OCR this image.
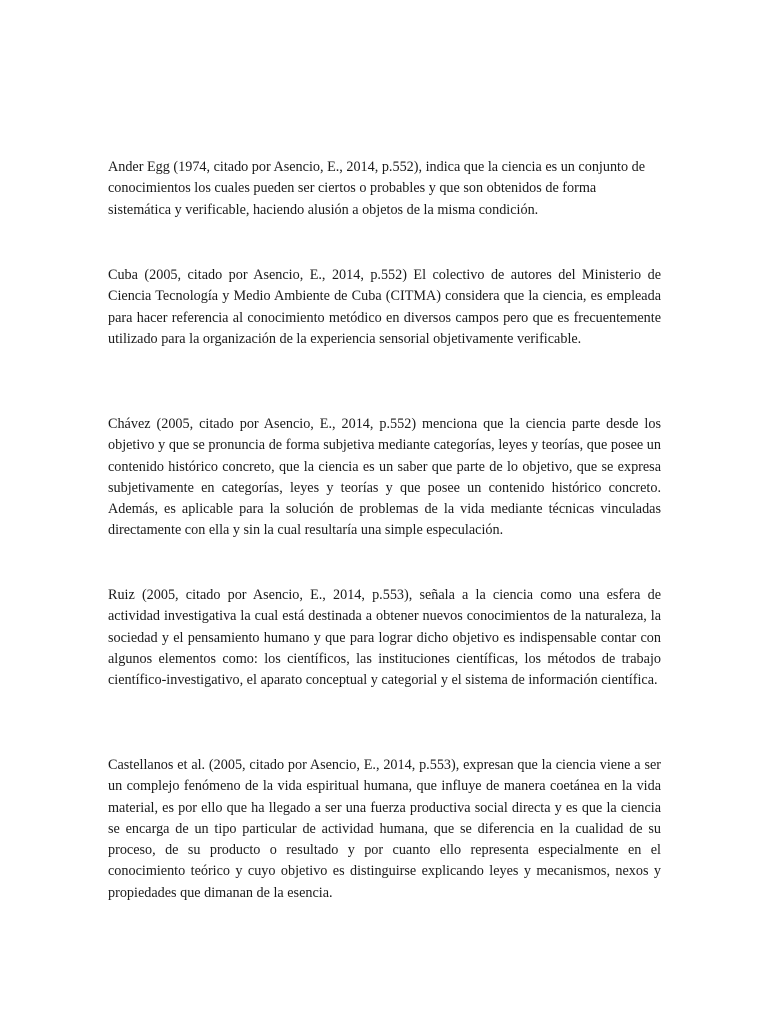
Ander Egg (1974, citado por Asencio, E., 2014, p.552), indica que la ciencia es un conjunto de conocimientos los cuales pueden ser ciertos o probables y que son obtenidos de forma sistemática y verificable, haciendo alusión a objetos de la misma condición.

Cuba (2005, citado por Asencio, E., 2014, p.552) El colectivo de autores del Ministerio de Ciencia Tecnología y Medio Ambiente de Cuba (CITMA) considera que la ciencia, es empleada para hacer referencia al conocimiento metódico en diversos campos pero que es frecuentemente utilizado para la organización de la experiencia sensorial objetivamente verificable.

Chávez (2005, citado por Asencio, E., 2014, p.552) menciona que la ciencia parte desde los objetivo y que se pronuncia de forma subjetiva mediante categorías, leyes y teorías, que posee un contenido histórico concreto, que la ciencia es un saber que parte de lo objetivo, que se expresa subjetivamente en categorías, leyes y teorías y que posee un contenido histórico concreto. Además, es aplicable para la solución de problemas de la vida mediante técnicas vinculadas directamente con ella y sin la cual resultaría una simple especulación.

Ruiz (2005, citado por Asencio, E., 2014, p.553), señala a la ciencia como una esfera de actividad investigativa la cual está destinada a obtener nuevos conocimientos de la naturaleza, la sociedad y el pensamiento humano y que para lograr dicho objetivo es indispensable contar con algunos elementos como: los científicos, las instituciones científicas, los métodos de trabajo científico-investigativo, el aparato conceptual y categorial y el sistema de información científica.

Castellanos et al. (2005, citado por Asencio, E., 2014, p.553), expresan que la ciencia viene a ser un complejo fenómeno de la vida espiritual humana, que influye de manera coetánea en la vida material, es por ello que ha llegado a ser una fuerza productiva social directa y es que la ciencia se encarga de un tipo particular de actividad humana, que se diferencia en la cualidad de su proceso, de su producto o resultado y por cuanto ello representa especialmente en el conocimiento teórico y cuyo objetivo es distinguirse explicando leyes y mecanismos, nexos y propiedades que dimanan de la esencia.
